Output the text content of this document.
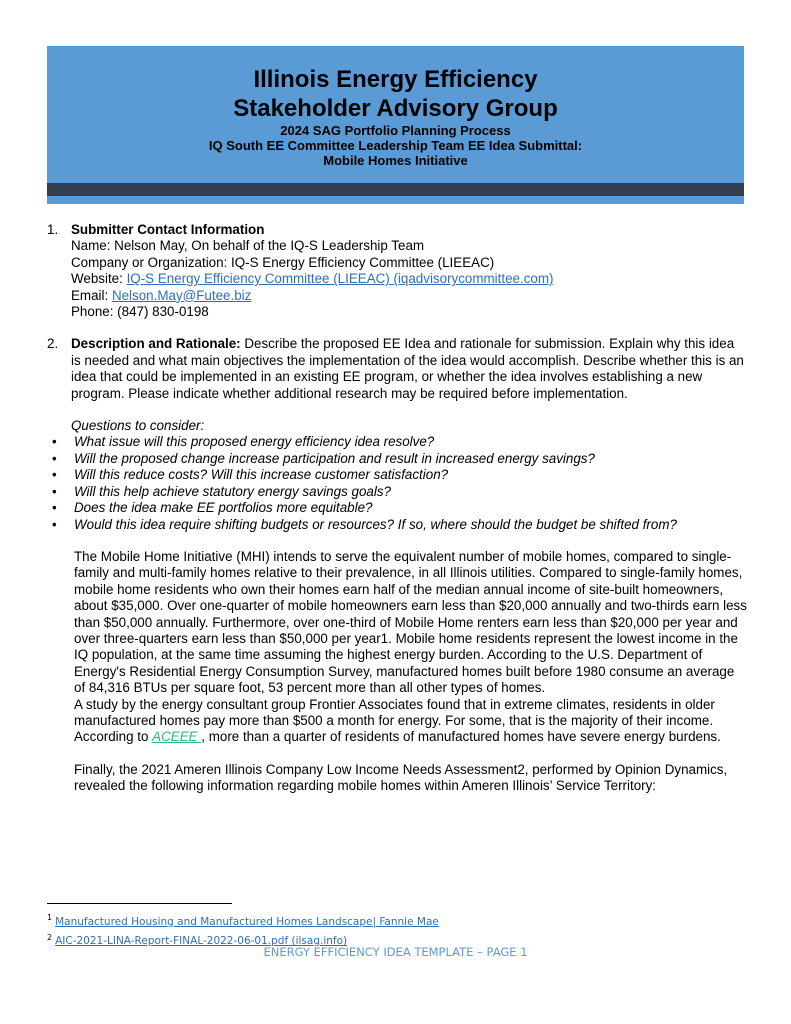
Illinois Energy Efficiency
Stakeholder Advisory Group
2024 SAG Portfolio Planning Process
IQ South EE Committee Leadership Team EE Idea Submittal:
Mobile Homes Initiative
1. Submitter Contact Information
Name: Nelson May, On behalf of the IQ-S Leadership Team
Company or Organization: IQ-S Energy Efficiency Committee (LIEEAC)
Website: IQ-S Energy Efficiency Committee (LIEEAC) (iqadvisorycommittee.com)
Email: Nelson.May@Futee.biz
Phone: (847) 830-0198
2. Description and Rationale: Describe the proposed EE Idea and rationale for submission. Explain why this idea is needed and what main objectives the implementation of the idea would accomplish. Describe whether this is an idea that could be implemented in an existing EE program, or whether the idea involves establishing a new program. Please indicate whether additional research may be required before implementation.
Questions to consider:
• What issue will this proposed energy efficiency idea resolve?
• Will the proposed change increase participation and result in increased energy savings?
• Will this reduce costs? Will this increase customer satisfaction?
• Will this help achieve statutory energy savings goals?
• Does the idea make EE portfolios more equitable?
• Would this idea require shifting budgets or resources? If so, where should the budget be shifted from?

The Mobile Home Initiative (MHI) intends to serve the equivalent number of mobile homes, compared to single-family and multi-family homes relative to their prevalence, in all Illinois utilities. Compared to single-family homes, mobile home residents who own their homes earn half of the median annual income of site-built homeowners, about $35,000. Over one-quarter of mobile homeowners earn less than $20,000 annually and two-thirds earn less than $50,000 annually. Furthermore, over one-third of Mobile Home renters earn less than $20,000 per year and over three-quarters earn less than $50,000 per year1. Mobile home residents represent the lowest income in the IQ population, at the same time assuming the highest energy burden. According to the U.S. Department of Energy's Residential Energy Consumption Survey, manufactured homes built before 1980 consume an average of 84,316 BTUs per square foot, 53 percent more than all other types of homes.

A study by the energy consultant group Frontier Associates found that in extreme climates, residents in older manufactured homes pay more than $500 a month for energy. For some, that is the majority of their income. According to ACEEE , more than a quarter of residents of manufactured homes have severe energy burdens.

Finally, the 2021 Ameren Illinois Company Low Income Needs Assessment2, performed by Opinion Dynamics, revealed the following information regarding mobile homes within Ameren Illinois’ Service Territory:

$^1$ Manufactured Housing and Manufactured Homes Landscape| Fannie Mae
$^2$ AIC-2021-LINA-Report-FINAL-2022-06-01.pdf (ilsag.info)
ENERGY EFFICIENCY IDEA TEMPLATE – PAGE 1
